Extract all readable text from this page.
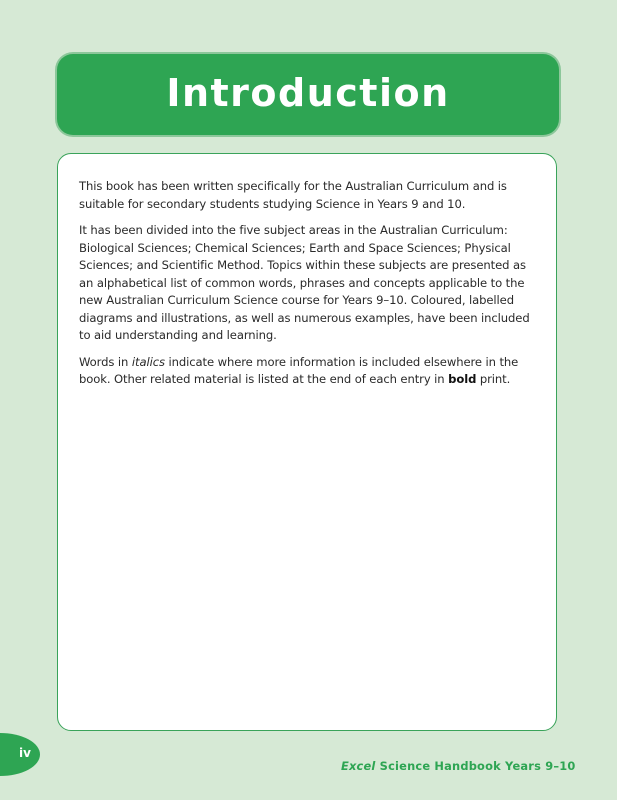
Introduction

This book has been written specifically for the Australian Curriculum and is suitable for secondary students studying Science in Years 9 and 10.

It has been divided into the five subject areas in the Australian Curriculum: Biological Sciences; Chemical Sciences; Earth and Space Sciences; Physical Sciences; and Scientific Method. Topics within these subjects are presented as an alphabetical list of common words, phrases and concepts applicable to the new Australian Curriculum Science course for Years 9–10. Coloured, labelled diagrams and illustrations, as well as numerous examples, have been included to aid understanding and learning.

Words in italics indicate where more information is included elsewhere in the book. Other related material is listed at the end of each entry in bold print.

iv
Excel Science Handbook Years 9–10
